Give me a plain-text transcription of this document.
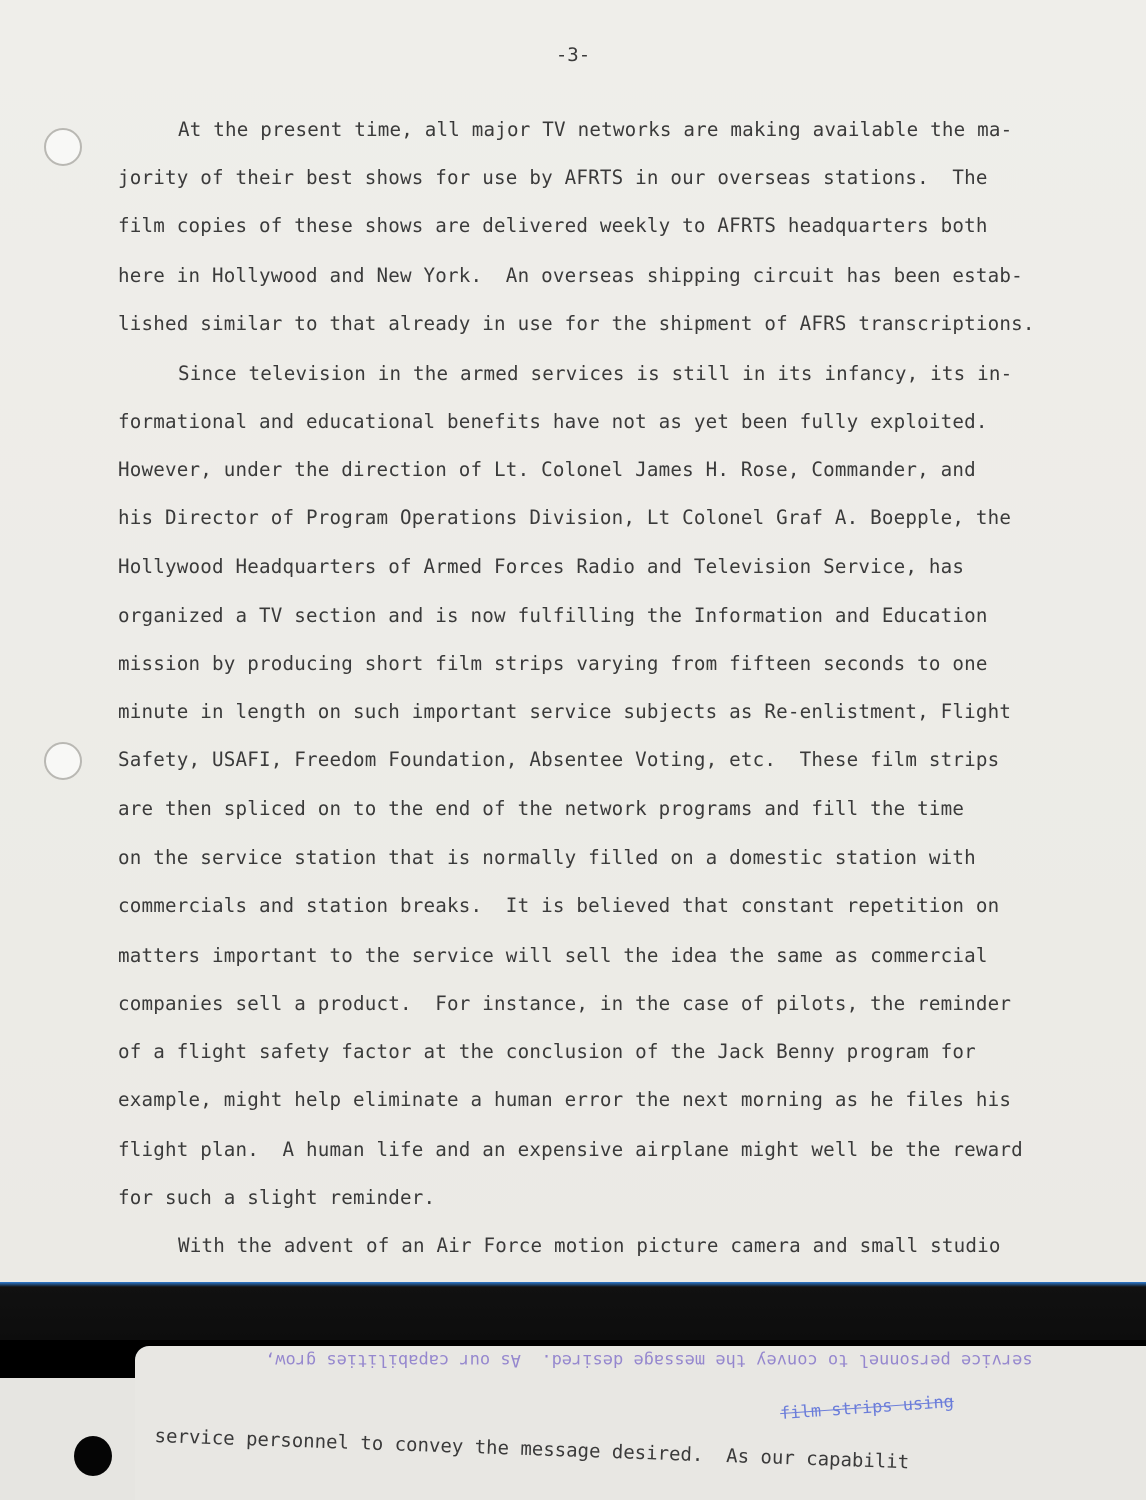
-3-
At the present time, all major TV networks are making available the ma-
jority of their best shows for use by AFRTS in our overseas stations.  The
film copies of these shows are delivered weekly to AFRTS headquarters both
here in Hollywood and New York.  An overseas shipping circuit has been estab-
lished similar to that already in use for the shipment of AFRS transcriptions.
Since television in the armed services is still in its infancy, its in-
formational and educational benefits have not as yet been fully exploited.
However, under the direction of Lt. Colonel James H. Rose, Commander, and
his Director of Program Operations Division, Lt Colonel Graf A. Boepple, the
Hollywood Headquarters of Armed Forces Radio and Television Service, has
organized a TV section and is now fulfilling the Information and Education
mission by producing short film strips varying from fifteen seconds to one
minute in length on such important service subjects as Re-enlistment, Flight
Safety, USAFI, Freedom Foundation, Absentee Voting, etc.  These film strips
are then spliced on to the end of the network programs and fill the time
on the service station that is normally filled on a domestic station with
commercials and station breaks.  It is believed that constant repetition on
matters important to the service will sell the idea the same as commercial
companies sell a product.  For instance, in the case of pilots, the reminder
of a flight safety factor at the conclusion of the Jack Benny program for
example, might help eliminate a human error the next morning as he files his
flight plan.  A human life and an expensive airplane might well be the reward
for such a slight reminder.
With the advent of an Air Force motion picture camera and small studio
service personnel to convey the message desired.  As our capabilities grow,
film strips using
service personnel to convey the message desired.  As our capabilit
